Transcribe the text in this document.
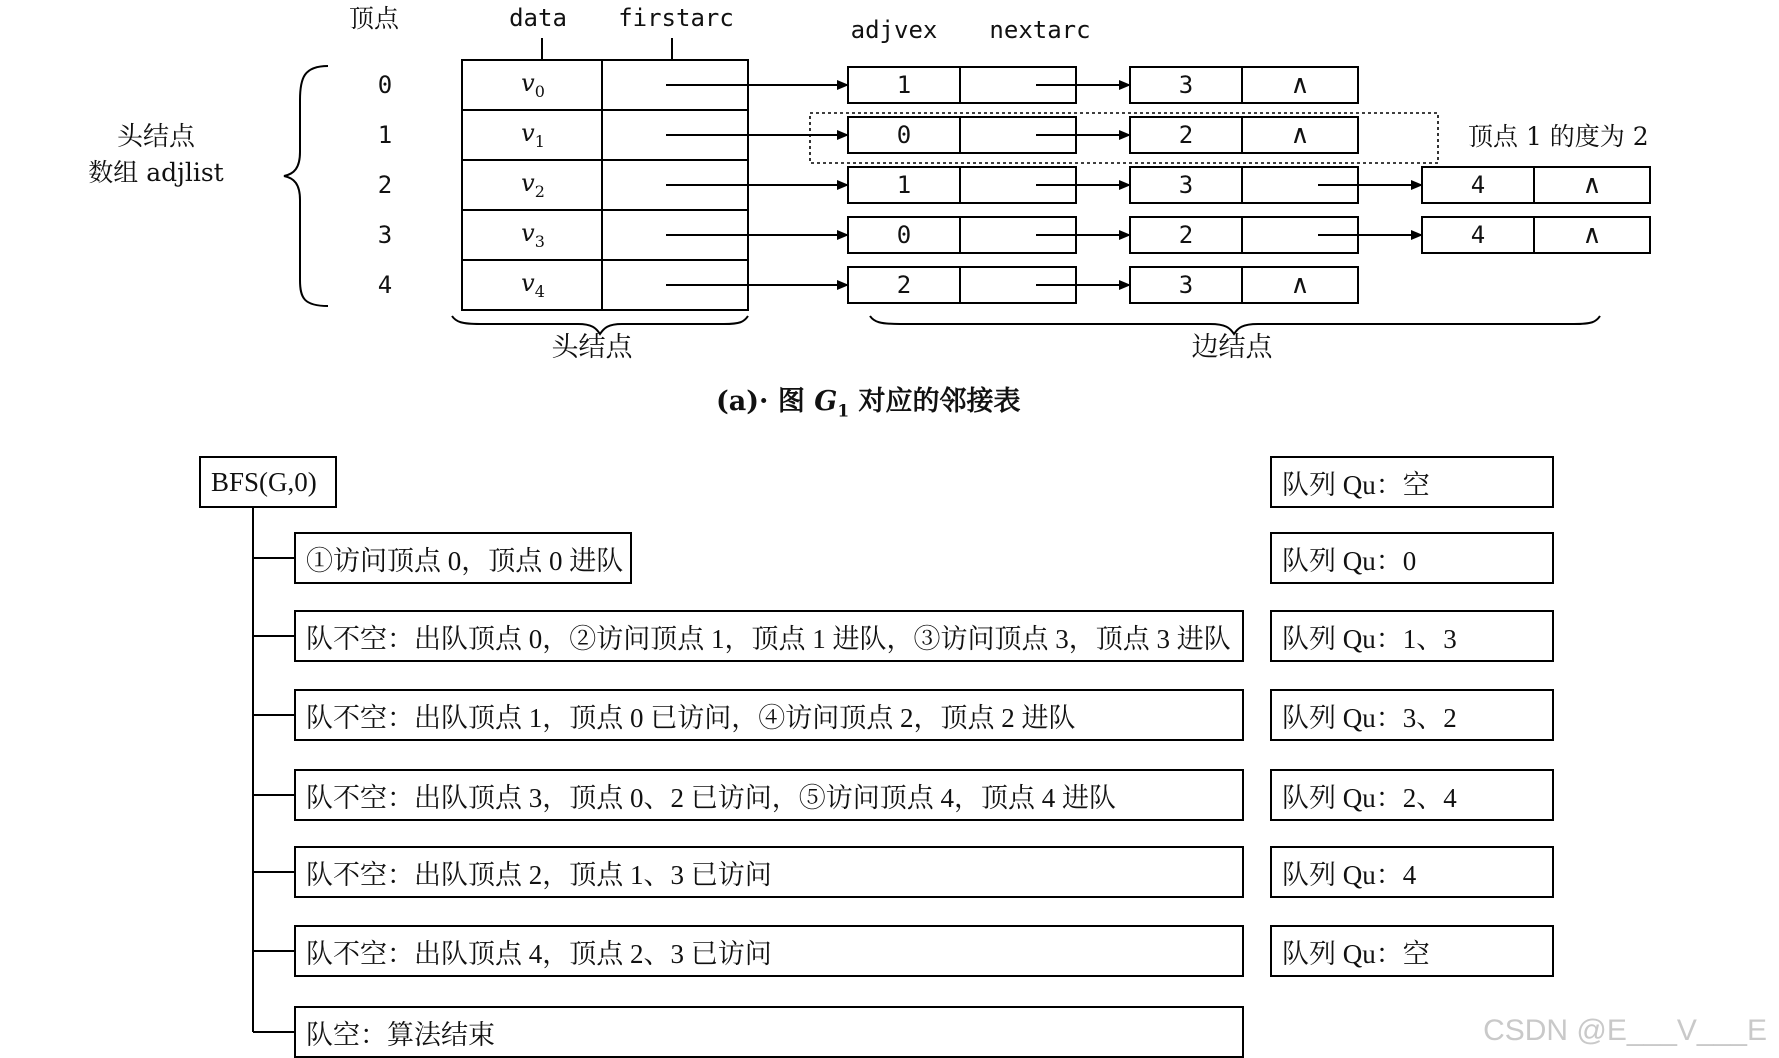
顶点	data firstarc	adjvex nextarc
头结点
数组 adjlist
0	$v_0$	1	3	∧
1	$v_1$	0	2	∧
2	$v_2$	1	3	4	∧
3	$v_3$	0	2	4	∧
4	$v_4$	2	3	∧
顶点 1 的度为 2
头结点	边结点
(a)· 图 $G_1$ 对应的邻接表
BFS(G,0)
①访问顶点 0，顶点 0 进队
队不空：出队顶点 0，②访问顶点 1，顶点 1 进队，③访问顶点 3，顶点 3 进队
队不空：出队顶点 1，顶点 0 已访问，④访问顶点 2，顶点 2 进队
队不空：出队顶点 3，顶点 0、2 已访问，⑤访问顶点 4，顶点 4 进队
队不空：出队顶点 2，顶点 1、3 已访问
队不空：出队顶点 4，顶点 2、3 已访问
队空：算法结束
队列 Qu：空
队列 Qu：0
队列 Qu：1、3
队列 Qu：3、2
队列 Qu：2、4
队列 Qu：4
队列 Qu：空
CSDN @E___V___E
